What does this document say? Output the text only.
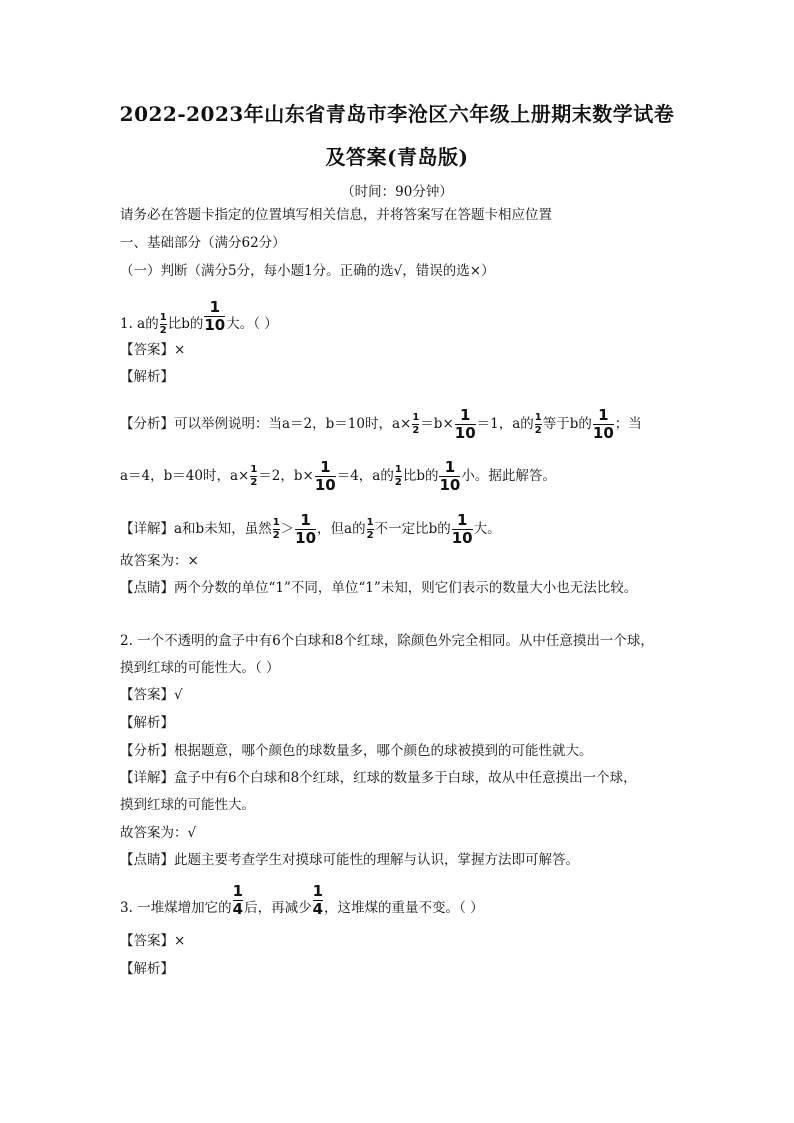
2022-2023年山东省青岛市李沧区六年级上册期末数学试卷
及答案(青岛版)
（时间：90分钟）
请务必在答题卡指定的位置填写相关信息，并将答案写在答题卡相应位置
一、基础部分（满分62分）
（一）判断（满分5分，每小题1分。正确的选√，错误的选×）
1. a的 $\frac{1}{2}$ 比b的 $\frac{1}{10}$ 大。（ ）
【答案】×
【解析】
【分析】可以举例说明：当a＝2，b＝10时，$a\times \frac{1}{2} =b\times \frac{1}{10} =1$，a的 $\frac{1}{2}$ 等于b的 $\frac{1}{10}$ ；当
a＝4，b＝40时，$a\times \frac{1}{2} =2$，$b\times \frac{1}{10} =4$，a的 $\frac{1}{2}$ 比b的 $\frac{1}{10}$ 小。据此解答。
【详解】a和b未知，虽然 $\frac{1}{2} > \frac{1}{10}$ ，但a的 $\frac{1}{2}$ 不一定比b的 $\frac{1}{10}$ 大。
故答案为：×
【点睛】两个分数的单位“1”不同，单位“1”未知，则它们表示的数量大小也无法比较。
2. 一个不透明的盒子中有6个白球和8个红球，除颜色外完全相同。从中任意摸出一个球，
摸到红球的可能性大。（ ）
【答案】√
【解析】
【分析】根据题意，哪个颜色的球数量多，哪个颜色的球被摸到的可能性就大。
【详解】盒子中有6个白球和8个红球，红球的数量多于白球，故从中任意摸出一个球，
摸到红球的可能性大。
故答案为：√
【点睛】此题主要考查学生对摸球可能性的理解与认识，掌握方法即可解答。
3. 一堆煤增加它的 $\frac{1}{4}$ 后，再减少 $\frac{1}{4}$ ，这堆煤的重量不变。（ ）
【答案】×
【解析】
